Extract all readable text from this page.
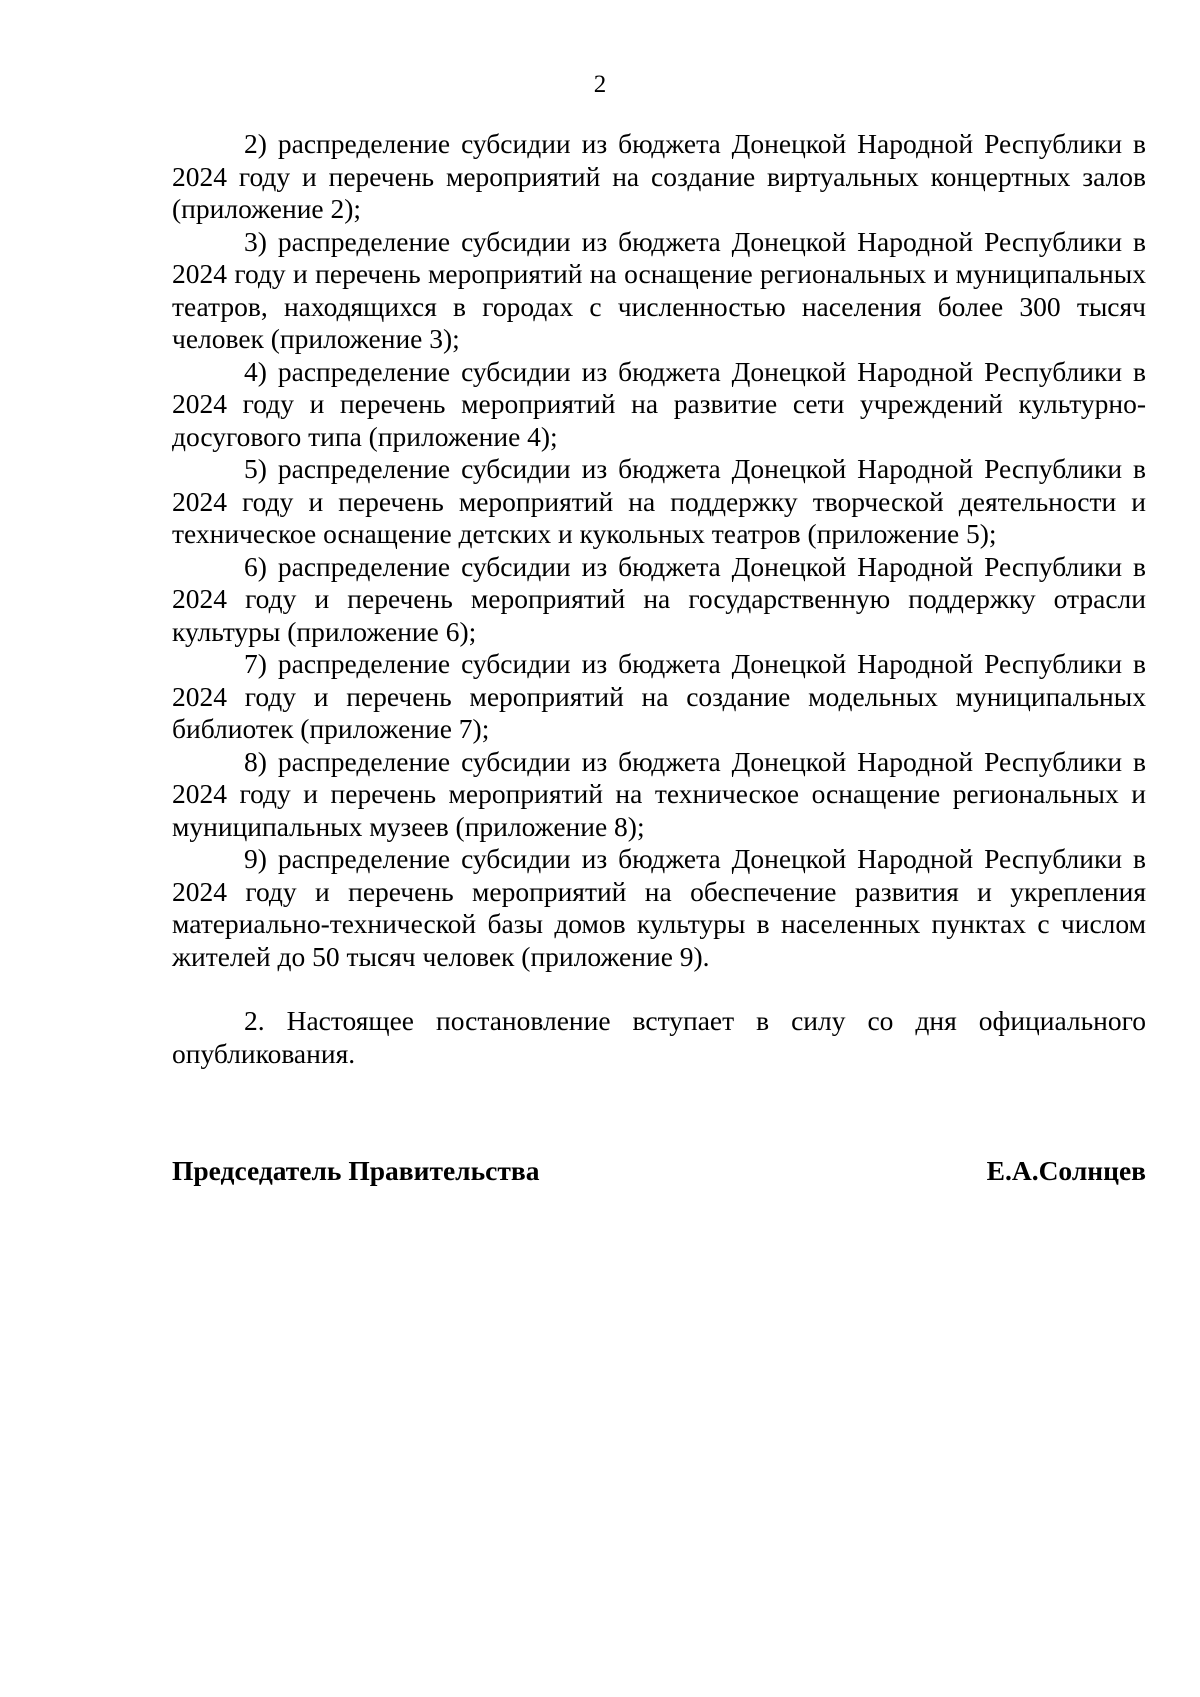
2

2) распределение субсидии из бюджета Донецкой Народной Республики в 2024 году и перечень мероприятий на создание виртуальных концертных залов (приложение 2);

3) распределение субсидии из бюджета Донецкой Народной Республики в 2024 году и перечень мероприятий на оснащение региональных и муниципальных театров, находящихся в городах с численностью населения более 300 тысяч человек (приложение 3);

4) распределение субсидии из бюджета Донецкой Народной Республики в 2024 году и перечень мероприятий на развитие сети учреждений культурно-досугового типа (приложение 4);

5) распределение субсидии из бюджета Донецкой Народной Республики в 2024 году и перечень мероприятий на поддержку творческой деятельности и техническое оснащение детских и кукольных театров (приложение 5);

6) распределение субсидии из бюджета Донецкой Народной Республики в 2024 году и перечень мероприятий на государственную поддержку отрасли культуры (приложение 6);

7) распределение субсидии из бюджета Донецкой Народной Республики в 2024 году и перечень мероприятий на создание модельных муниципальных библиотек (приложение 7);

8) распределение субсидии из бюджета Донецкой Народной Республики в 2024 году и перечень мероприятий на техническое оснащение региональных и муниципальных музеев (приложение 8);

9) распределение субсидии из бюджета Донецкой Народной Республики в 2024 году и перечень мероприятий на обеспечение развития и укрепления материально-технической базы домов культуры в населенных пунктах с числом жителей до 50 тысяч человек (приложение 9).

2. Настоящее постановление вступает в силу со дня официального опубликования.

Председатель Правительства	Е.А.Солнцев
